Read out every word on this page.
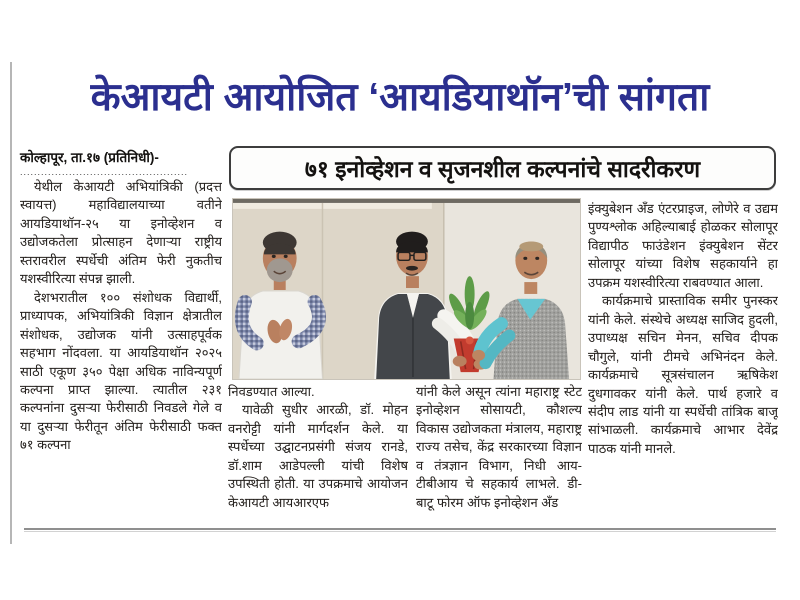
केआयटी आयोजित ‘आयडियाथॉन’ची सांगता
कोल्हापूर, ता.१७ (प्रतिनिधी)-
................................................

येथील केआयटी अभियांत्रिकी (प्रदत्त स्वायत्त) महाविद्यालयाच्या वतीने आयडियाथॉन-२५ या इनोव्हेशन व उद्योजकतेला प्रोत्साहन देणाऱ्या राष्ट्रीय स्तरावरील स्पर्धेची अंतिम फेरी नुकतीच यशस्वीरित्या संपन्न झाली.

देशभरातील १०० संशोधक विद्यार्थी, प्राध्यापक, अभियांत्रिकी विज्ञान क्षेत्रातील संशोधक, उद्योजक यांनी उत्साहपूर्वक सहभाग नोंदवला. या आयडियाथॉन २०२५ साठी एकूण ३५० पेक्षा अधिक नाविन्यपूर्ण कल्पना प्राप्त झाल्या. त्यातील २३१ कल्पनांना दुसऱ्या फेरीसाठी निवडले गेले व या दुसऱ्या फेरीतून अंतिम फेरीसाठी फक्त ७१ कल्पना

७१ इनोव्हेशन व सृजनशील कल्पनांचे सादरीकरण

निवडण्यात आल्या.

यावेळी सुधीर आरळी, डॉ. मोहन वनरोट्टी यांनी मार्गदर्शन केले. या स्पर्धेच्या उद्घाटनप्रसंगी संजय रानडे, डॉ.शाम आडेपल्ली यांची विशेष उपस्थिती होती. या उपक्रमाचे आयोजन केआयटी आयआरएफ

यांनी केले असून त्यांना महाराष्ट्र स्टेट इनोव्हेशन सोसायटी, कौशल्य विकास उद्योजकता मंत्रालय, महाराष्ट्र राज्य तसेच, केंद्र सरकारच्या विज्ञान व तंत्रज्ञान विभाग, निधी आय-टीबीआय चे सहकार्य लाभले. डी-बाटू फोरम ऑफ इनोव्हेशन अँड

इंक्युबेशन अँड एंटरप्राइज, लोणेरे व उद्यम पुण्यश्लोक अहिल्याबाई होळकर सोलापूर विद्यापीठ फाउंडेशन इंक्युबेशन सेंटर सोलापूर यांच्या विशेष सहकार्याने हा उपक्रम यशस्वीरित्या राबवण्यात आला.

कार्यक्रमाचे प्रास्ताविक समीर पुनस्कर यांनी केले. संस्थेचे अध्यक्ष साजिद हुदली, उपाध्यक्ष सचिन मेनन, सचिव दीपक चौगुले, यांनी टीमचे अभिनंदन केले. कार्यक्रमाचे सूत्रसंचालन ऋषिकेश दुधगावकर यांनी केले. पार्थ हजारे व संदीप लाड यांनी या स्पर्धेची तांत्रिक बाजू सांभाळली. कार्यक्रमाचे आभार देवेंद्र पाठक यांनी मानले.
